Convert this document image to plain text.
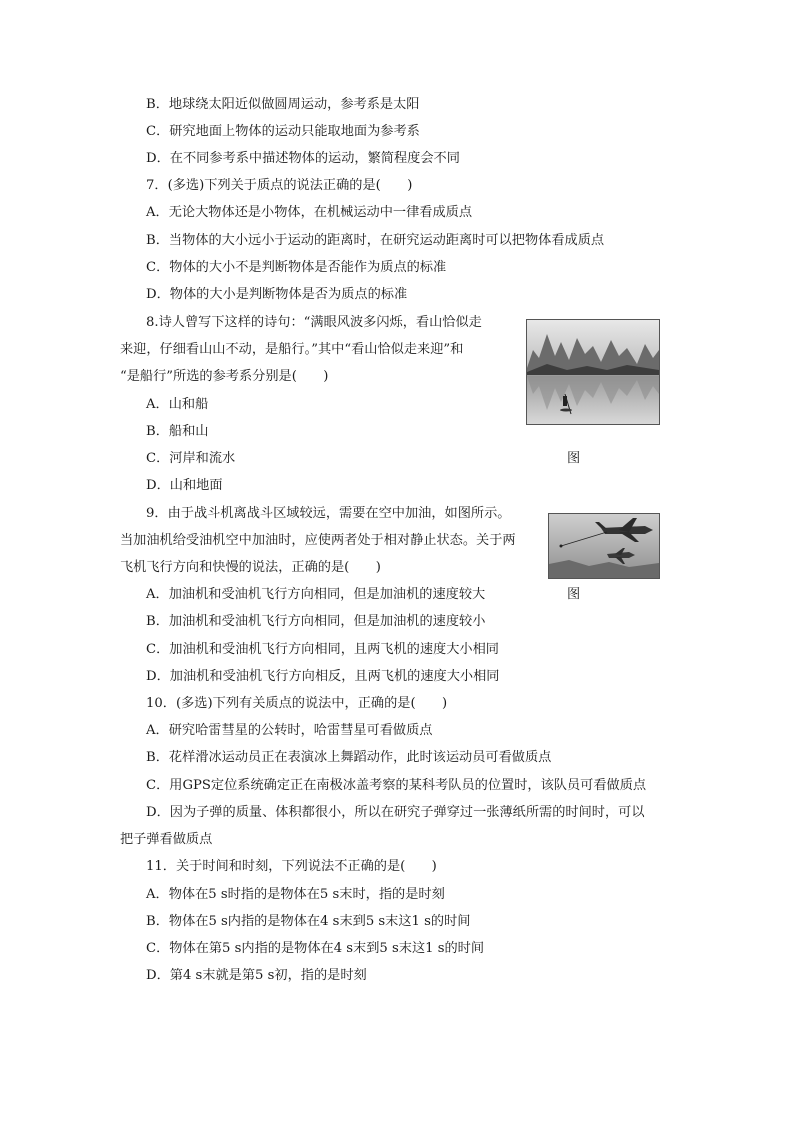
B．地球绕太阳近似做圆周运动，参考系是太阳
C．研究地面上物体的运动只能取地面为参考系
D．在不同参考系中描述物体的运动，繁简程度会不同
7．(多选)下列关于质点的说法正确的是(　　)
A．无论大物体还是小物体，在机械运动中一律看成质点
B．当物体的大小远小于运动的距离时，在研究运动距离时可以把物体看成质点
C．物体的大小不是判断物体是否能作为质点的标准
D．物体的大小是判断物体是否为质点的标准
8.诗人曾写下这样的诗句：“满眼风波多闪烁，看山恰似走
来迎，仔细看山山不动，是船行。”其中“看山恰似走来迎”和
“是船行”所选的参考系分别是(　　)
A．山和船
B．船和山
C．河岸和流水
D．山和地面
图
9．由于战斗机离战斗区域较远，需要在空中加油，如图所示。
当加油机给受油机空中加油时，应使两者处于相对静止状态。关于两
飞机飞行方向和快慢的说法，正确的是(　　)
A．加油机和受油机飞行方向相同，但是加油机的速度较大
B．加油机和受油机飞行方向相同，但是加油机的速度较小
C．加油机和受油机飞行方向相同，且两飞机的速度大小相同
D．加油机和受油机飞行方向相反，且两飞机的速度大小相同
图
10．(多选)下列有关质点的说法中，正确的是(　　)
A．研究哈雷彗星的公转时，哈雷彗星可看做质点
B．花样滑冰运动员正在表演冰上舞蹈动作，此时该运动员可看做质点
C．用GPS定位系统确定正在南极冰盖考察的某科考队员的位置时，该队员可看做质点
D．因为子弹的质量、体积都很小，所以在研究子弹穿过一张薄纸所需的时间时，可以
把子弹看做质点
11．关于时间和时刻，下列说法不正确的是(　　)
A．物体在5 s时指的是物体在5 s末时，指的是时刻
B．物体在5 s内指的是物体在4 s末到5 s末这1 s的时间
C．物体在第5 s内指的是物体在4 s末到5 s末这1 s的时间
D．第4 s末就是第5 s初，指的是时刻
